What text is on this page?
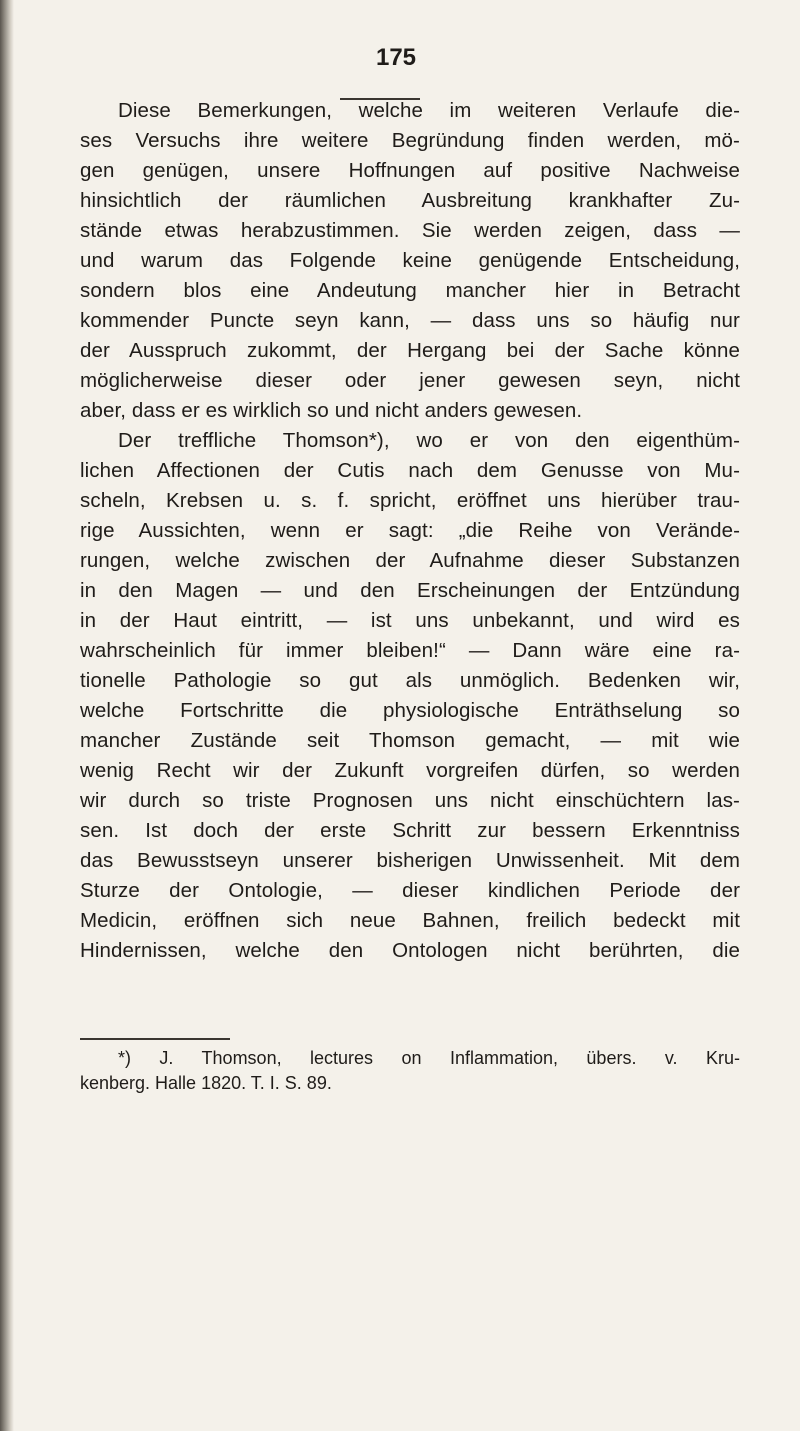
175
Diese Bemerkungen, welche im weiteren Verlaufe die-
ses Versuchs ihre weitere Begründung finden werden, mö-
gen genügen, unsere Hoffnungen auf positive Nachweise
hinsichtlich der räumlichen Ausbreitung krankhafter Zu-
stände etwas herabzustimmen. Sie werden zeigen, dass —
und warum das Folgende keine genügende Entscheidung,
sondern blos eine Andeutung mancher hier in Betracht
kommender Puncte seyn kann, — dass uns so häufig nur
der Ausspruch zukommt, der Hergang bei der Sache könne
möglicherweise dieser oder jener gewesen seyn, nicht
aber, dass er es wirklich so und nicht anders gewesen.
Der treffliche Thomson*), wo er von den eigenthüm-
lichen Affectionen der Cutis nach dem Genusse von Mu-
scheln, Krebsen u. s. f. spricht, eröffnet uns hierüber trau-
rige Aussichten, wenn er sagt: „die Reihe von Verände-
rungen, welche zwischen der Aufnahme dieser Substanzen
in den Magen — und den Erscheinungen der Entzündung
in der Haut eintritt, — ist uns unbekannt, und wird es
wahrscheinlich für immer bleiben!“ — Dann wäre eine ra-
tionelle Pathologie so gut als unmöglich. Bedenken wir,
welche Fortschritte die physiologische Enträthselung so
mancher Zustände seit Thomson gemacht, — mit wie
wenig Recht wir der Zukunft vorgreifen dürfen, so werden
wir durch so triste Prognosen uns nicht einschüchtern las-
sen. Ist doch der erste Schritt zur bessern Erkenntniss
das Bewusstseyn unserer bisherigen Unwissenheit. Mit dem
Sturze der Ontologie, — dieser kindlichen Periode der
Medicin, eröffnen sich neue Bahnen, freilich bedeckt mit
Hindernissen, welche den Ontologen nicht berührten, die
*) J. Thomson, lectures on Inflammation, übers. v. Kru-
kenberg. Halle 1820. T. I. S. 89.
